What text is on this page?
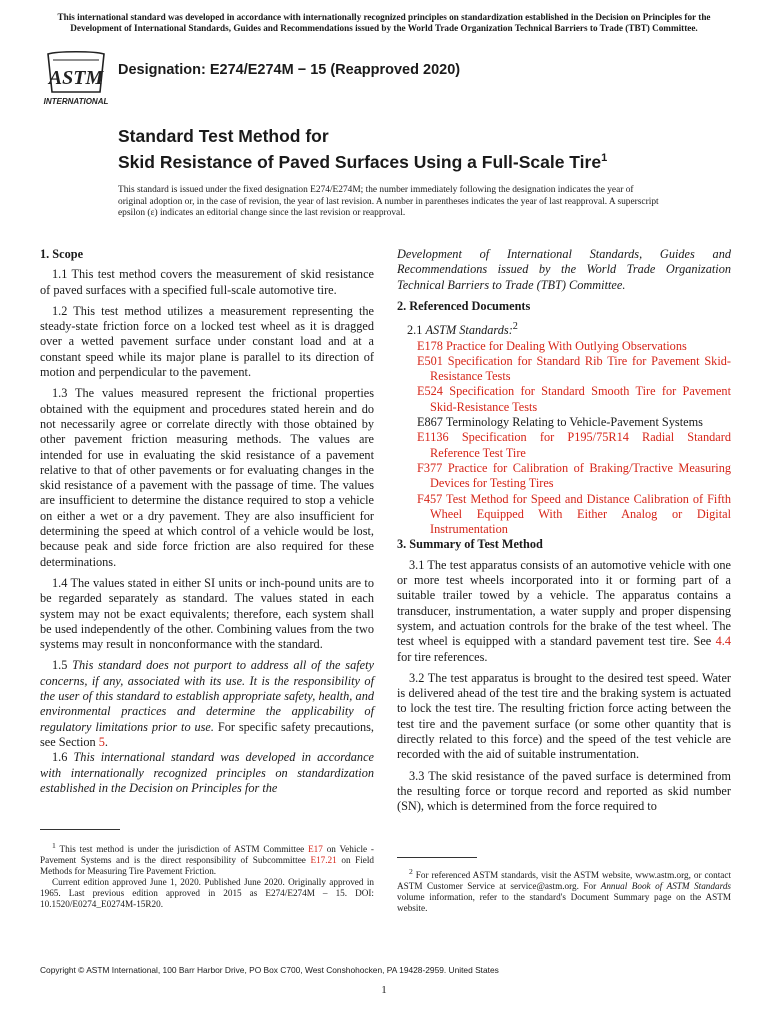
This international standard was developed in accordance with internationally recognized principles on standardization established in the Decision on Principles for the Development of International Standards, Guides and Recommendations issued by the World Trade Organization Technical Barriers to Trade (TBT) Committee.
ASTM
INTERNATIONAL
Designation: E274/E274M − 15 (Reapproved 2020)
Standard Test Method for
Skid Resistance of Paved Surfaces Using a Full-Scale Tire$^1$
This standard is issued under the fixed designation E274/E274M; the number immediately following the designation indicates the year of original adoption or, in the case of revision, the year of last revision. A number in parentheses indicates the year of last reapproval. A superscript epsilon (ε) indicates an editorial change since the last revision or reapproval.
1. Scope

1.1 This test method covers the measurement of skid resistance of paved surfaces with a specified full-scale automotive tire.

1.2 This test method utilizes a measurement representing the steady-state friction force on a locked test wheel as it is dragged over a wetted pavement surface under constant load and at a constant speed while its major plane is parallel to its direction of motion and perpendicular to the pavement.

1.3 The values measured represent the frictional properties obtained with the equipment and procedures stated herein and do not necessarily agree or correlate directly with those obtained by other pavement friction measuring methods. The values are intended for use in evaluating the skid resistance of a pavement relative to that of other pavements or for evaluating changes in the skid resistance of a pavement with the passage of time. The values are insufficient to determine the distance required to stop a vehicle on either a wet or a dry pavement. They are also insufficient for determining the speed at which control of a vehicle would be lost, because peak and side force friction are also required for these determinations.

1.4 The values stated in either SI units or inch-pound units are to be regarded separately as standard. The values stated in each system may not be exact equivalents; therefore, each system shall be used independently of the other. Combining values from the two systems may result in nonconformance with the standard.

1.5 This standard does not purport to address all of the safety concerns, if any, associated with its use. It is the responsibility of the user of this standard to establish appropriate safety, health, and environmental practices and determine the applicability of regulatory limitations prior to use. For specific safety precautions, see Section 5.

1.6 This international standard was developed in accordance with internationally recognized principles on standardization established in the Decision on Principles for the

$^1$ This test method is under the jurisdiction of ASTM Committee E17 on Vehicle - Pavement Systems and is the direct responsibility of Subcommittee E17.21 on Field Methods for Measuring Tire Pavement Friction.

Current edition approved June 1, 2020. Published June 2020. Originally approved in 1965. Last previous edition approved in 2015 as E274/E274M – 15. DOI: 10.1520/E0274_E0274M-15R20.

Development of International Standards, Guides and Recommendations issued by the World Trade Organization Technical Barriers to Trade (TBT) Committee.

2. Referenced Documents
2.1 ASTM Standards:$^2$
E178 Practice for Dealing With Outlying Observations
E501 Specification for Standard Rib Tire for Pavement Skid-Resistance Tests
E524 Specification for Standard Smooth Tire for Pavement Skid-Resistance Tests
E867 Terminology Relating to Vehicle-Pavement Systems
E1136 Specification for P195/75R14 Radial Standard Reference Test Tire
F377 Practice for Calibration of Braking/Tractive Measuring Devices for Testing Tires
F457 Test Method for Speed and Distance Calibration of Fifth Wheel Equipped With Either Analog or Digital Instrumentation
3. Summary of Test Method

3.1 The test apparatus consists of an automotive vehicle with one or more test wheels incorporated into it or forming part of a suitable trailer towed by a vehicle. The apparatus contains a transducer, instrumentation, a water supply and proper dispensing system, and actuation controls for the brake of the test wheel. The test wheel is equipped with a standard pavement test tire. See 4.4 for tire references.

3.2 The test apparatus is brought to the desired test speed. Water is delivered ahead of the test tire and the braking system is actuated to lock the test tire. The resulting friction force acting between the test tire and the pavement surface (or some other quantity that is directly related to this force) and the speed of the test vehicle are recorded with the aid of suitable instrumentation.

3.3 The skid resistance of the paved surface is determined from the resulting force or torque record and reported as skid number (SN), which is determined from the force required to

$^2$ For referenced ASTM standards, visit the ASTM website, www.astm.org, or contact ASTM Customer Service at service@astm.org. For Annual Book of ASTM Standards volume information, refer to the standard's Document Summary page on the ASTM website.

Copyright © ASTM International, 100 Barr Harbor Drive, PO Box C700, West Conshohocken, PA 19428-2959. United States
1
